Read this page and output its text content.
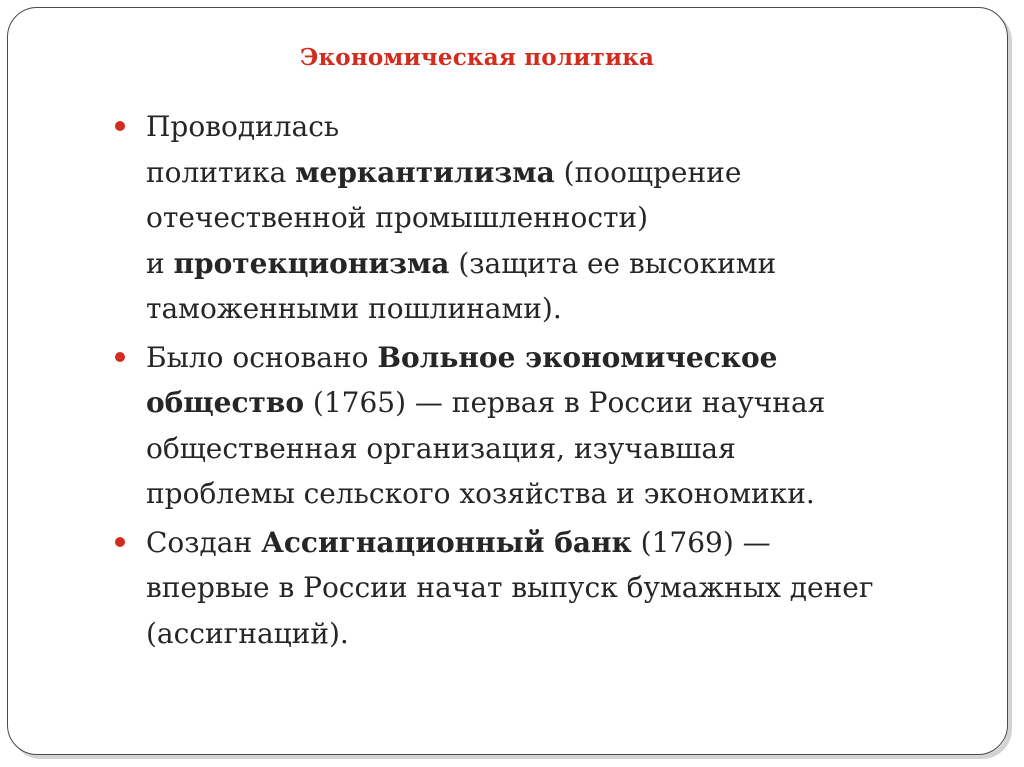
Экономическая политика
Проводилась
политика меркантилизма (поощрение
отечественной промышленности)
и протекционизма (защита ее высокими
таможенными пошлинами).
Было основано Вольное экономическое
общество (1765) — первая в России научная
общественная организация, изучавшая
проблемы сельского хозяйства и экономики.
Создан Ассигнационный банк (1769) —
впервые в России начат выпуск бумажных денег
(ассигнаций).
